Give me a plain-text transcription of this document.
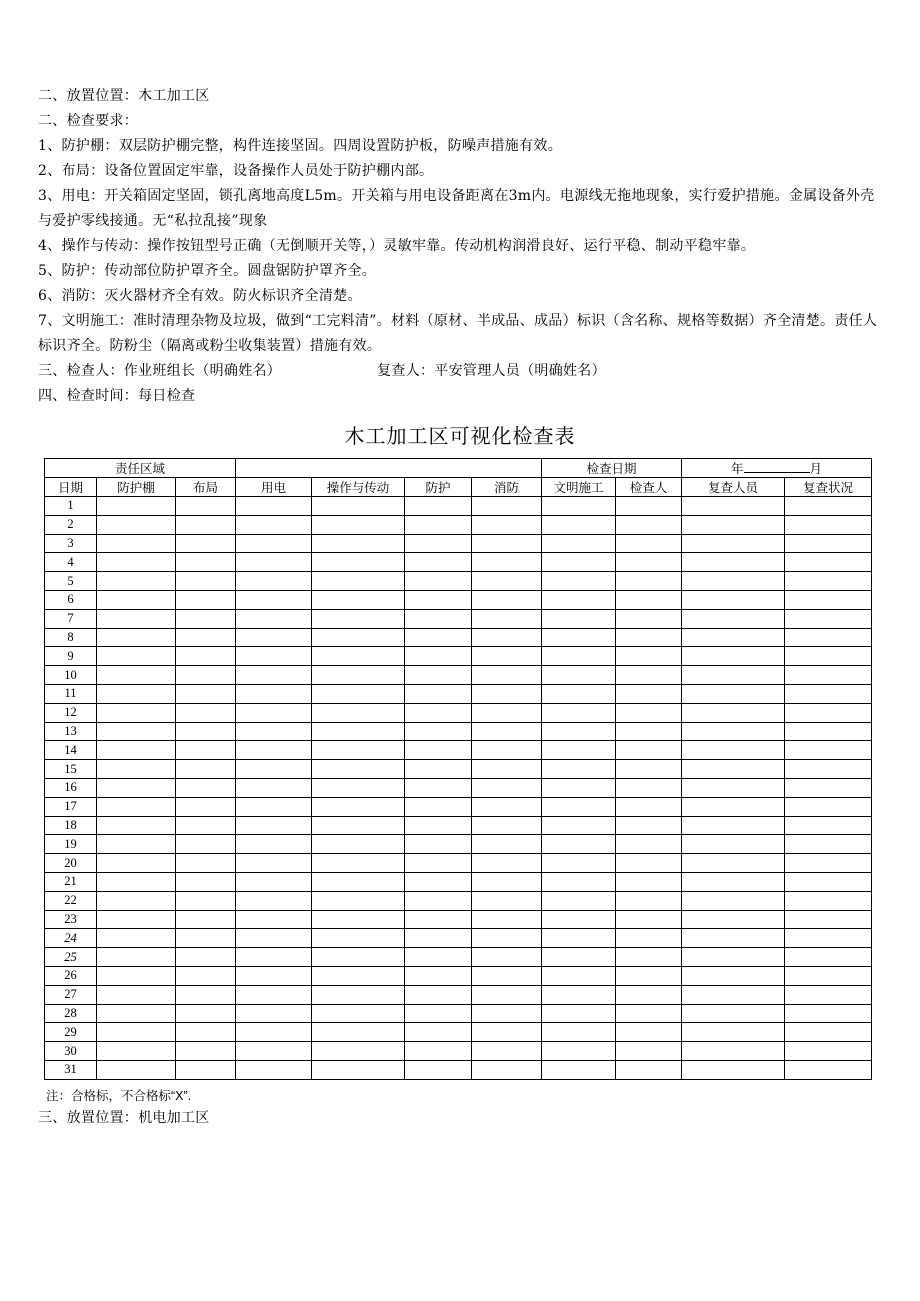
二、放置位置：木工加工区
二、检查要求：
1、防护棚：双层防护棚完整，构件连接坚固。四周设置防护板，防噪声措施有效。
2、布局：设备位置固定牢靠，设备操作人员处于防护棚内部。
3、用电：开关箱固定坚固，锁孔离地高度L5m。开关箱与用电设备距离在3m内。电源线无拖地现象，实行爱护措施。金属设备外壳与爱护零线接通。无“私拉乱接”现象
4、操作与传动：操作按钮型号正确（无倒顺开关等，）灵敏牢靠。传动机构润滑良好、运行平稳、制动平稳牢靠。
5、防护：传动部位防护罩齐全。圆盘锯防护罩齐全。
6、消防：灭火器材齐全有效。防火标识齐全清楚。
7、文明施工：准时清理杂物及垃圾，做到“工完料清”。材料（原材、半成品、成品）标识（含名称、规格等数据）齐全清楚。责任人标识齐全。防粉尘（隔离或粉尘收集装置）措施有效。
三、检查人：作业班组长（明确姓名）	复查人：平安管理人员（明确姓名）
四、检查时间：每日检查
木工加工区可视化检查表
责任区域							检查日期		年 月	
日期	防护棚	布局	用电	操作与传动	防护	消防	文明施工	检查人	复查人员	复查状况
1										
2										
3										
4										
5										
6										
7										
8										
9										
10										
11										
12										
13										
14										
15										
16										
17										
18										
19										
20										
21										
22										
23										
24										
25										
26										
27										
28										
29										
30										
31										
注：合格标，不合格标“X”.
三、放置位置：机电加工区
